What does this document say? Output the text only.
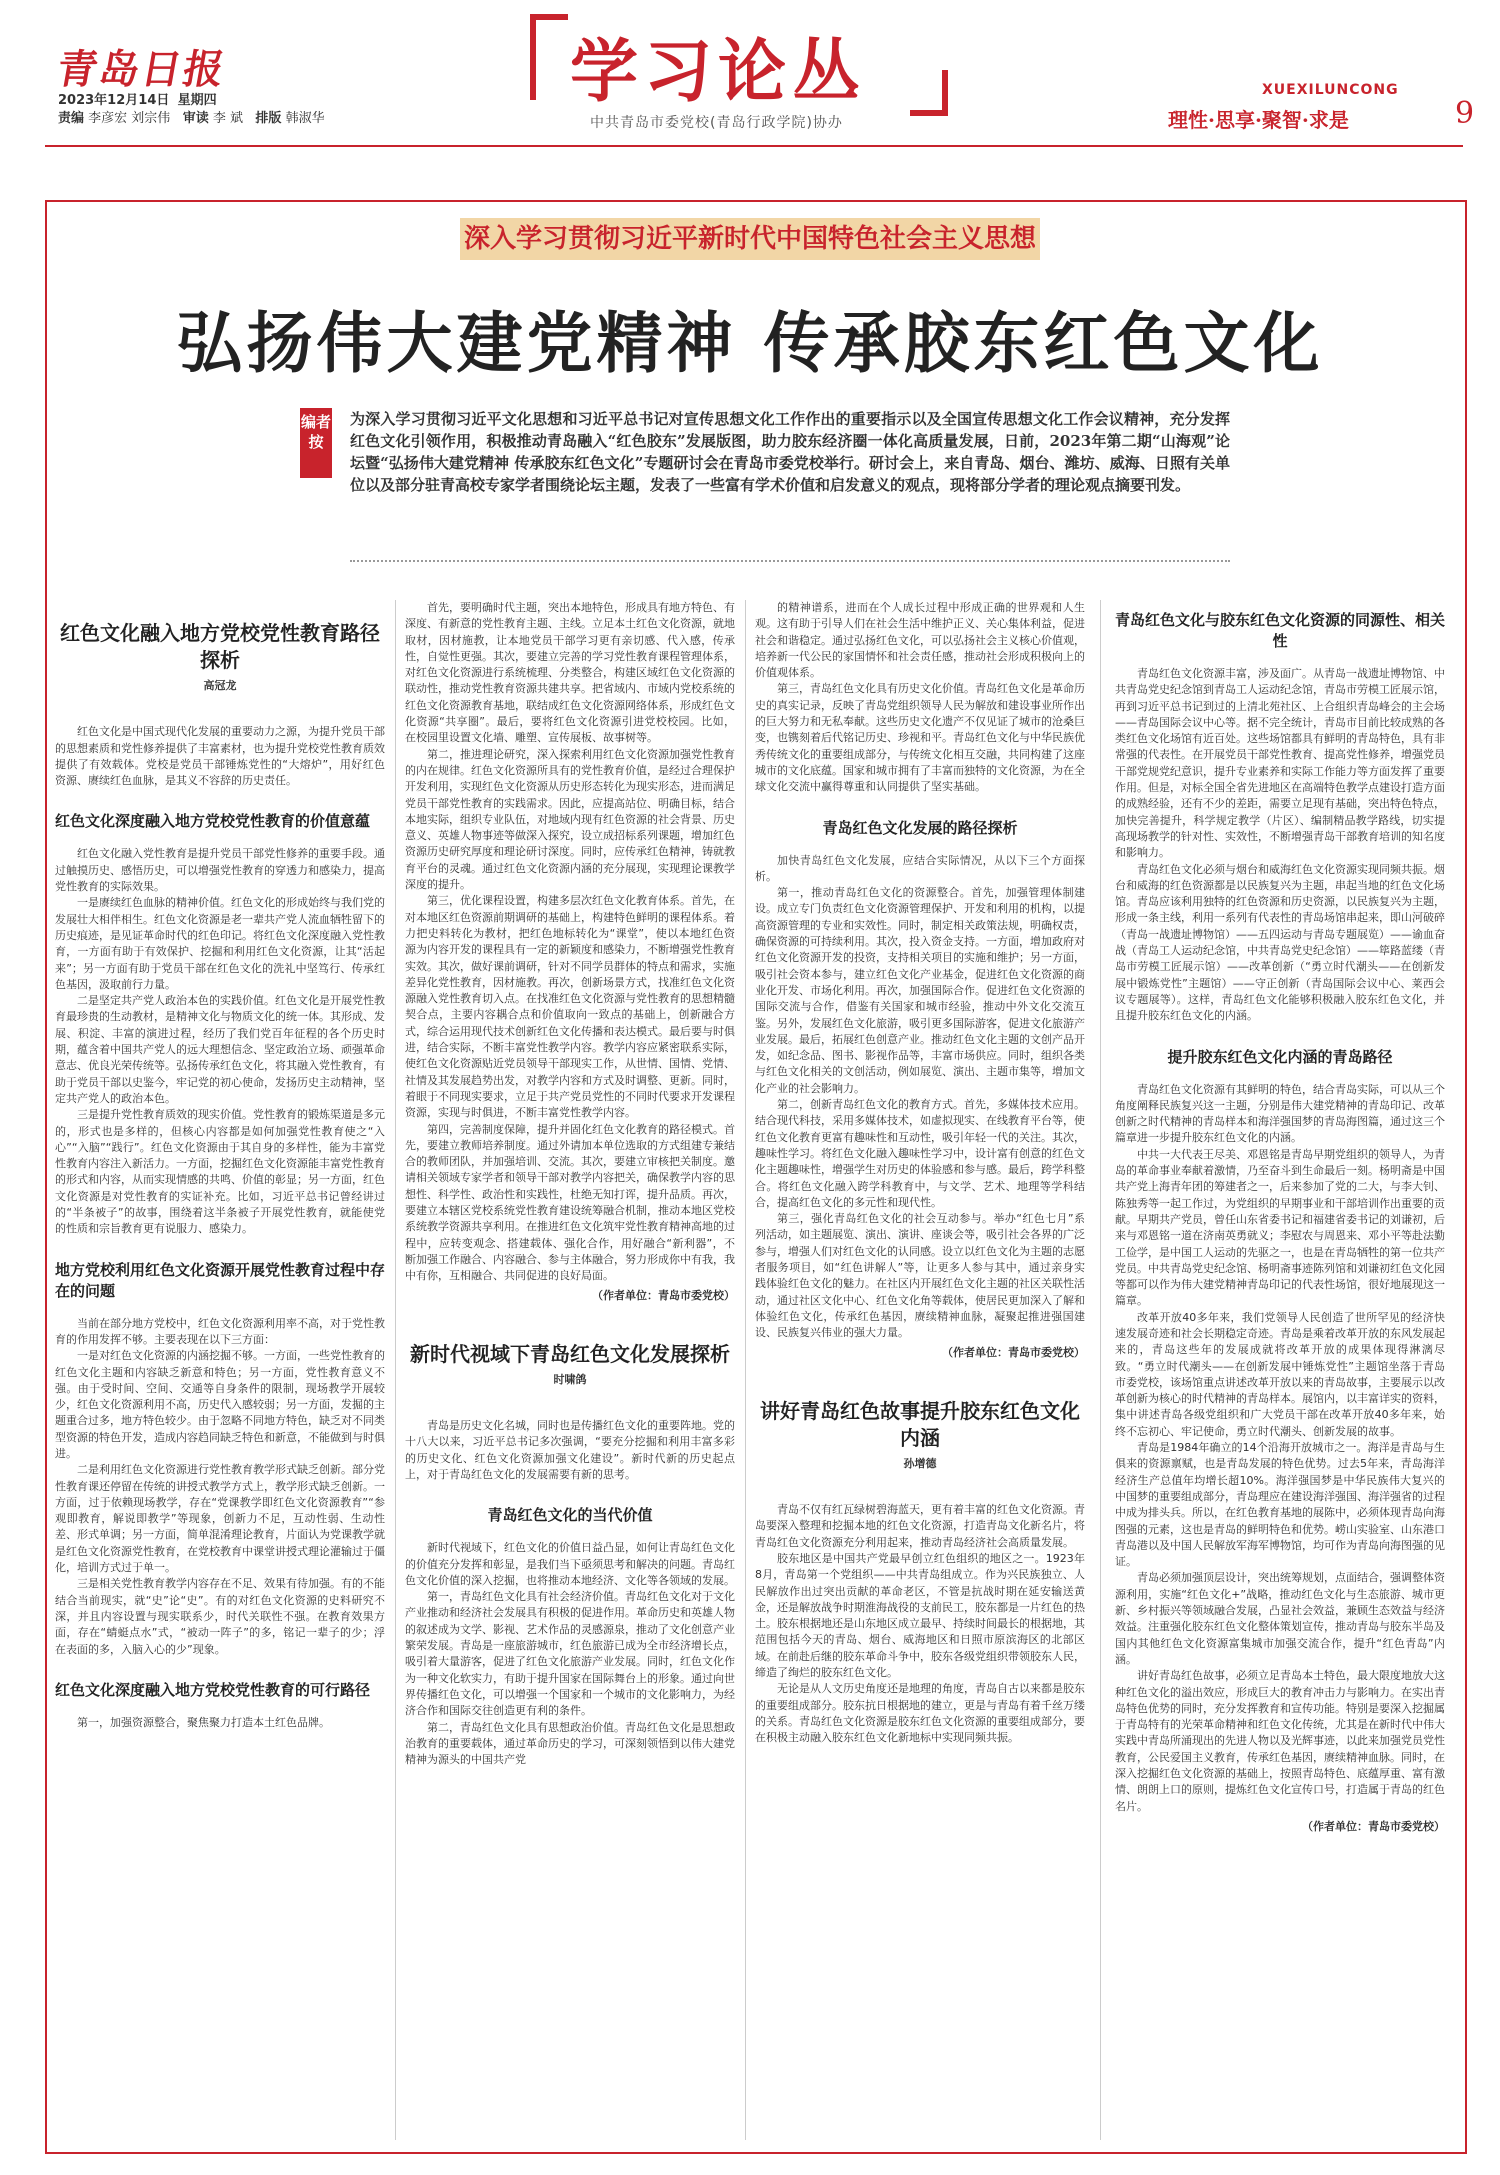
青岛日报
2023年12月14日 星期四
责编 李彦宏 刘宗伟 审读 李 斌 排版 韩淑华
学习论丛
中共青岛市委党校(青岛行政学院)协办
XUEXILUNCONG
理性·思享·聚智·求是	9
深入学习贯彻习近平新时代中国特色社会主义思想
弘扬伟大建党精神 传承胶东红色文化
编者按
为深入学习贯彻习近平文化思想和习近平总书记对宣传思想文化工作作出的重要指示以及全国宣传思想文化工作会议精神，充分发挥红色文化引领作用，积极推动青岛融入“红色胶东”发展版图，助力胶东经济圈一体化高质量发展，日前，2023年第二期“山海观”论坛暨“弘扬伟大建党精神 传承胶东红色文化”专题研讨会在青岛市委党校举行。研讨会上，来自青岛、烟台、潍坊、威海、日照有关单位以及部分驻青高校专家学者围绕论坛主题，发表了一些富有学术价值和启发意义的观点，现将部分学者的理论观点摘要刊发。
红色文化融入地方党校党性教育路径探析
高冠龙

红色文化是中国式现代化发展的重要动力之源，为提升党员干部的思想素质和党性修养提供了丰富素材，也为提升党校党性教育质效提供了有效载体。党校是党员干部锤炼党性的“大熔炉”，用好红色资源、赓续红色血脉，是其义不容辞的历史责任。

红色文化深度融入地方党校党性教育的价值意蕴

红色文化融入党性教育是提升党员干部党性修养的重要手段。通过触摸历史、感悟历史，可以增强党性教育的穿透力和感染力，提高党性教育的实际效果。

一是赓续红色血脉的精神价值。红色文化的形成始终与我们党的发展壮大相伴相生。红色文化资源是老一辈共产党人流血牺牲留下的历史痕迹，是见证革命时代的红色印记。将红色文化深度融入党性教育，一方面有助于有效保护、挖掘和利用红色文化资源，让其“活起来”；另一方面有助于党员干部在红色文化的洗礼中坚笃行、传承红色基因，汲取前行力量。

二是坚定共产党人政治本色的实践价值。红色文化是开展党性教育最珍贵的生动教材，是精神文化与物质文化的统一体。其形成、发展、积淀、丰富的演进过程，经历了我们党百年征程的各个历史时期，蕴含着中国共产党人的远大理想信念、坚定政治立场、顽强革命意志、优良光荣传统等。弘扬传承红色文化，将其融入党性教育，有助于党员干部以史鉴今，牢记党的初心使命，发扬历史主动精神，坚定共产党人的政治本色。

三是提升党性教育质效的现实价值。党性教育的锻炼渠道是多元的，形式也是多样的，但核心内容都是如何加强党性教育使之“入心”“入脑”“践行”。红色文化资源由于其自身的多样性，能为丰富党性教育内容注入新活力。一方面，挖掘红色文化资源能丰富党性教育的形式和内容，从而实现情感的共鸣、价值的彰显；另一方面，红色文化资源是对党性教育的实证补充。比如，习近平总书记曾经讲过的“半条被子”的故事，围绕着这半条被子开展党性教育，就能使党的性质和宗旨教育更有说服力、感染力。

地方党校利用红色文化资源开展党性教育过程中存在的问题

当前在部分地方党校中，红色文化资源利用率不高，对于党性教育的作用发挥不够。主要表现在以下三方面：

一是对红色文化资源的内涵挖掘不够。一方面，一些党性教育的红色文化主题和内容缺乏新意和特色；另一方面，党性教育意义不强。由于受时间、空间、交通等自身条件的限制，现场教学开展较少，红色文化资源利用不高，历史代入感较弱；另一方面，发掘的主题重合过多，地方特色较少。由于忽略不同地方特色，缺乏对不同类型资源的特色开发，造成内容趋同缺乏特色和新意，不能做到与时俱进。

二是利用红色文化资源进行党性教育教学形式缺乏创新。部分党性教育课还停留在传统的讲授式教学方式上，教学形式缺乏创新。一方面，过于依赖现场教学，存在“党课教学即红色文化资源教育”“参观即教育，解说即教学”等现象，创新力不足，互动性弱、生动性差、形式单调；另一方面，简单混淆理论教育，片面认为党课教学就是红色文化资源党性教育，在党校教育中课堂讲授式理论灌输过于僵化，培训方式过于单一。

三是相关党性教育教学内容存在不足、效果有待加强。有的不能结合当前现实，就“史”论“史”。有的对红色文化资源的史料研究不深，并且内容设置与现实联系少，时代关联性不强。在教育效果方面，存在“蜻蜓点水”式，“被动一阵子”的多，铭记一辈子的少；浮在表面的多，入脑入心的少”现象。

红色文化深度融入地方党校党性教育的可行路径

第一，加强资源整合，聚焦聚力打造本土红色品牌。

首先，要明确时代主题，突出本地特色，形成具有地方特色、有深度、有新意的党性教育主题、主线。立足本土红色文化资源，就地取材，因材施教，让本地党员干部学习更有亲切感、代入感，传承性，自觉性更强。其次，要建立完善的学习党性教育课程管理体系，对红色文化资源进行系统梳理、分类整合，构建区域红色文化资源的联动性，推动党性教育资源共建共享。把省域内、市域内党校系统的红色文化资源教育基地，联结成红色文化资源网络体系，形成红色文化资源“共享圈”。最后，要将红色文化资源引进党校校园。比如，在校园里设置文化墙、雕塑、宣传展板、故事树等。

第二，推进理论研究，深入探索利用红色文化资源加强党性教育的内在规律。红色文化资源所具有的党性教育价值，是经过合理保护开发利用，实现红色文化资源从历史形态转化为现实形态，进而满足党员干部党性教育的实践需求。因此，应提高站位、明确目标，结合本地实际，组织专业队伍，对地域内现有红色资源的社会背景、历史意义、英雄人物事迹等做深入探究，设立成招标系列课题，增加红色资源历史研究厚度和理论研讨深度。同时，应传承红色精神，铸就教育平台的灵魂。通过红色文化资源内涵的充分展现，实现理论课教学深度的提升。

第三，优化课程设置，构建多层次红色文化教育体系。首先，在对本地区红色资源前期调研的基础上，构建特色鲜明的课程体系。着力把史料转化为教材，把红色地标转化为“课堂”，使以本地红色资源为内容开发的课程具有一定的新颖度和感染力，不断增强党性教育实效。其次，做好课前调研，针对不同学员群体的特点和需求，实施差异化党性教育，因材施教。再次，创新场景方式，找准红色文化资源融入党性教育切入点。在找准红色文化资源与党性教育的思想精髓契合点，主要内容耦合点和价值取向一致点的基础上，创新融合方式，综合运用现代技术创新红色文化传播和表达模式。最后要与时俱进，结合实际，不断丰富党性教学内容。教学内容应紧密联系实际，使红色文化资源贴近党员领导干部现实工作，从世情、国情、党情、社情及其发展趋势出发，对教学内容和方式及时调整、更新。同时，着眼于不同现实要求，立足于共产党员党性的不同时代要求开发课程资源，实现与时俱进，不断丰富党性教学内容。

第四，完善制度保障，提升并固化红色文化教育的路径模式。首先，要建立教师培养制度。通过外请加本单位选取的方式组建专兼结合的教师团队，并加强培训、交流。其次，要建立审核把关制度。邀请相关领域专家学者和领导干部对教学内容把关，确保教学内容的思想性、科学性、政治性和实践性，杜绝无知打诨，提升品质。再次，要建立本辖区党校系统党性教育建设统筹融合机制，推动本地区党校系统教学资源共享利用。在推进红色文化筑牢党性教育精神高地的过程中，应转变观念、搭建载体、强化合作，用好融合“新利器”，不断加强工作融合、内容融合、参与主体融合，努力形成你中有我，我中有你，互相融合、共同促进的良好局面。

（作者单位：青岛市委党校）
新时代视域下青岛红色文化发展探析
时啸鸽

青岛是历史文化名城，同时也是传播红色文化的重要阵地。党的十八大以来，习近平总书记多次强调，“要充分挖掘和利用丰富多彩的历史文化、红色文化资源加强文化建设”。新时代新的历史起点上，对于青岛红色文化的发展需要有新的思考。

青岛红色文化的当代价值

新时代视域下，红色文化的价值日益凸显，如何让青岛红色文化的价值充分发挥和彰显，是我们当下亟须思考和解决的问题。青岛红色文化价值的深入挖掘，也将推动本地经济、文化等各领域的发展。

第一，青岛红色文化具有社会经济价值。青岛红色文化对于文化产业推动和经济社会发展具有积极的促进作用。革命历史和英雄人物的叙述成为文学、影视、艺术作品的灵感源泉，推动了文化创意产业繁荣发展。青岛是一座旅游城市，红色旅游已成为全市经济增长点，吸引着大量游客，促进了红色文化旅游产业发展。同时，红色文化作为一种文化软实力，有助于提升国家在国际舞台上的形象。通过向世界传播红色文化，可以增强一个国家和一个城市的文化影响力，为经济合作和国际交往创造更有利的条件。

第二，青岛红色文化具有思想政治价值。青岛红色文化是思想政治教育的重要载体，通过革命历史的学习，可深刻领悟到以伟大建党精神为源头的中国共产党

的精神谱系，进而在个人成长过程中形成正确的世界观和人生观。这有助于引导人们在社会生活中维护正义、关心集体利益，促进社会和谐稳定。通过弘扬红色文化，可以弘扬社会主义核心价值观，培养新一代公民的家国情怀和社会责任感，推动社会形成积极向上的价值观体系。

第三，青岛红色文化具有历史文化价值。青岛红色文化是革命历史的真实记录，反映了青岛党组织领导人民为解放和建设事业所作出的巨大努力和无私奉献。这些历史文化遗产不仅见证了城市的沧桑巨变，也镌刻着后代铭记历史、珍视和平。青岛红色文化与中华民族优秀传统文化的重要组成部分，与传统文化相互交融，共同构建了这座城市的文化底蕴。国家和城市拥有了丰富而独特的文化资源，为在全球文化交流中赢得尊重和认同提供了坚实基础。

青岛红色文化发展的路径探析

加快青岛红色文化发展，应结合实际情况，从以下三个方面探析。

第一，推动青岛红色文化的资源整合。首先，加强管理体制建设。成立专门负责红色文化资源管理保护、开发和利用的机构，以提高资源管理的专业和实效性。同时，制定相关政策法规，明确权责，确保资源的可持续利用。其次，投入资金支持。一方面，增加政府对红色文化资源开发的投资，支持相关项目的实施和维护；另一方面，吸引社会资本参与，建立红色文化产业基金，促进红色文化资源的商业化开发、市场化利用。再次，加强国际合作。促进红色文化资源的国际交流与合作，借鉴有关国家和城市经验，推动中外文化交流互鉴。另外，发展红色文化旅游，吸引更多国际游客，促进文化旅游产业发展。最后，拓展红色创意产业。推动红色文化主题的文创产品开发，如纪念品、图书、影视作品等，丰富市场供应。同时，组织各类与红色文化相关的文创活动，例如展览、演出、主题市集等，增加文化产业的社会影响力。

第二，创新青岛红色文化的教育方式。首先，多媒体技术应用。结合现代科技，采用多媒体技术，如虚拟现实、在线教育平台等，使红色文化教育更富有趣味性和互动性，吸引年轻一代的关注。其次，趣味性学习。将红色文化融入趣味性学习中，设计富有创意的红色文化主题趣味性，增强学生对历史的体验感和参与感。最后，跨学科整合。将红色文化融入跨学科教育中，与文学、艺术、地理等学科结合，提高红色文化的多元性和现代性。

第三，强化青岛红色文化的社会互动参与。举办“红色七月”系列活动，如主题展览、演出、演讲、座谈会等，吸引社会各界的广泛参与，增强人们对红色文化的认同感。设立以红色文化为主题的志愿者服务项目，如“红色讲解人”等，让更多人参与其中，通过亲身实践体验红色文化的魅力。在社区内开展红色文化主题的社区关联性活动，通过社区文化中心、红色文化角等载体，使居民更加深入了解和体验红色文化，传承红色基因，赓续精神血脉，凝聚起推进强国建设、民族复兴伟业的强大力量。

（作者单位：青岛市委党校）
讲好青岛红色故事提升胶东红色文化内涵
孙增德

青岛不仅有红瓦绿树碧海蓝天，更有着丰富的红色文化资源。青岛要深入整理和挖掘本地的红色文化资源，打造青岛文化新名片，将青岛红色文化资源充分利用起来，推动青岛经济社会高质量发展。

胶东地区是中国共产党最早创立红色组织的地区之一。1923年8月，青岛第一个党组织——中共青岛组成立。作为兴民族独立、人民解放作出过突出贡献的革命老区，不管是抗战时期在延安输送黄金，还是解放战争时期淮海战役的支前民工，胶东都是一片红色的热土。胶东根据地还是山东地区成立最早、持续时间最长的根据地，其范围包括今天的青岛、烟台、威海地区和日照市原滨海区的北部区域。在前赴后继的胶东革命斗争中，胶东各级党组织带领胶东人民，缔造了绚烂的胶东红色文化。

无论是从人文历史角度还是地理的角度，青岛自古以来都是胶东的重要组成部分。胶东抗日根据地的建立，更是与青岛有着千丝万缕的关系。青岛红色文化资源是胶东红色文化资源的重要组成部分，要在积极主动融入胶东红色文化新地标中实现同频共振。

青岛红色文化与胶东红色文化资源的同源性、相关性

青岛红色文化资源丰富，涉及面广。从青岛一战遗址博物馆、中共青岛党史纪念馆到青岛工人运动纪念馆，青岛市劳模工匠展示馆，再到习近平总书记到过的上清北苑社区、上合组织青岛峰会的主会场——青岛国际会议中心等。据不完全统计，青岛市目前比较成熟的各类红色文化场馆有近百处。这些场馆都具有鲜明的青岛特色，具有非常强的代表性。在开展党员干部党性教育、提高党性修养，增强党员干部党规党纪意识，提升专业素养和实际工作能力等方面发挥了重要作用。但是，对标全国全省先进地区在高端特色教学点建设打造方面的成熟经验，还有不少的差距，需要立足现有基础，突出特色特点，加快完善提升，科学规定教学（片区）、编制精品教学路线，切实提高现场教学的针对性、实效性，不断增强青岛干部教育培训的知名度和影响力。

青岛红色文化必须与烟台和威海红色文化资源实现同频共振。烟台和威海的红色资源都是以民族复兴为主题，串起当地的红色文化场馆。青岛应该利用独特的红色资源和历史资源，以民族复兴为主题，形成一条主线，利用一系列有代表性的青岛场馆串起来，即山河破碎（青岛一战遗址博物馆）——五四运动与青岛专题展览）——谕血奋战（青岛工人运动纪念馆，中共青岛党史纪念馆）——筚路蓝缕（青岛市劳模工匠展示馆）——改革创新（“勇立时代潮头——在创新发展中锻炼党性”主题馆）——守正创新（青岛国际会议中心、莱西会议专题展等）。这样，青岛红色文化能够积极融入胶东红色文化，并且提升胶东红色文化的内涵。

提升胶东红色文化内涵的青岛路径

青岛红色文化资源有其鲜明的特色，结合青岛实际，可以从三个角度阐释民族复兴这一主题，分别是伟大建党精神的青岛印记、改革创新之时代精神的青岛样本和海洋强国梦的青岛海图篇，通过这三个篇章进一步提升胶东红色文化的内涵。

中共一大代表王尽美、邓恩铭是青岛早期党组织的领导人，为青岛的革命事业奉献着激情，乃至奋斗到生命最后一刻。杨明斋是中国共产党上海青年团的筹建者之一，后来参加了党的二大，与李大钊、陈独秀等一起工作过，为党组织的早期事业和干部培训作出重要的贡献。早期共产党员，曾任山东省委书记和福建省委书记的刘谦初，后来与邓恩铭一道在济南英勇就义；李慰农与周恩来、邓小平等赴法勤工俭学，是中国工人运动的先驱之一，也是在青岛牺牲的第一位共产党员。中共青岛党史纪念馆、杨明斋事迹陈列馆和刘谦初红色文化园等都可以作为伟大建党精神青岛印记的代表性场馆，很好地展现这一篇章。

改革开放40多年来，我们党领导人民创造了世所罕见的经济快速发展奇迹和社会长期稳定奇迹。青岛是乘着改革开放的东风发展起来的，青岛这些年的发展成就将改革开放的成果体现得淋漓尽致。“勇立时代潮头——在创新发展中锤炼党性”主题馆坐落于青岛市委党校，该场馆重点讲述改革开放以来的青岛故事，主要展示以改革创新为核心的时代精神的青岛样本。展馆内，以丰富详实的资料，集中讲述青岛各级党组织和广大党员干部在改革开放40多年来，始终不忘初心、牢记使命，勇立时代潮头、创新发展的故事。

青岛是1984年确立的14个沿海开放城市之一。海洋是青岛与生俱来的资源禀赋，也是青岛发展的特色优势。过去5年来，青岛海洋经济生产总值年均增长超10%。海洋强国梦是中华民族伟大复兴的中国梦的重要组成部分，青岛理应在建设海洋强国、海洋强省的过程中成为排头兵。所以，在红色教育基地的展陈中，必须体现青岛向海图强的元素，这也是青岛的鲜明特色和优势。崂山实验室、山东港口青岛港以及中国人民解放军海军博物馆，均可作为青岛向海图强的见证。

青岛必须加强顶层设计，突出统筹规划，点面结合，强调整体资源利用，实施“红色文化+”战略，推动红色文化与生态旅游、城市更新、乡村振兴等领域融合发展，凸显社会效益，兼顾生态效益与经济效益。注重强化胶东红色文化整体策划宣传，推动青岛与胶东半岛及国内其他红色文化资源富集城市加强交流合作，提升“红色青岛”内涵。

讲好青岛红色故事，必须立足青岛本土特色，最大限度地放大这种红色文化的溢出效应，形成巨大的教育冲击力与影响力。在实出青岛特色优势的同时，充分发挥教育和宣传功能。特别是要深入挖掘属于青岛特有的光荣革命精神和红色文化传统，尤其是在新时代中伟大实践中青岛所涌现出的先进人物以及光辉事迹，以此来加强党员党性教育，公民爱国主义教育，传承红色基因，赓续精神血脉。同时，在深入挖掘红色文化资源的基础上，按照青岛特色、底蕴厚重、富有激情、朗朗上口的原则，提炼红色文化宣传口号，打造属于青岛的红色名片。

（作者单位：青岛市委党校）
